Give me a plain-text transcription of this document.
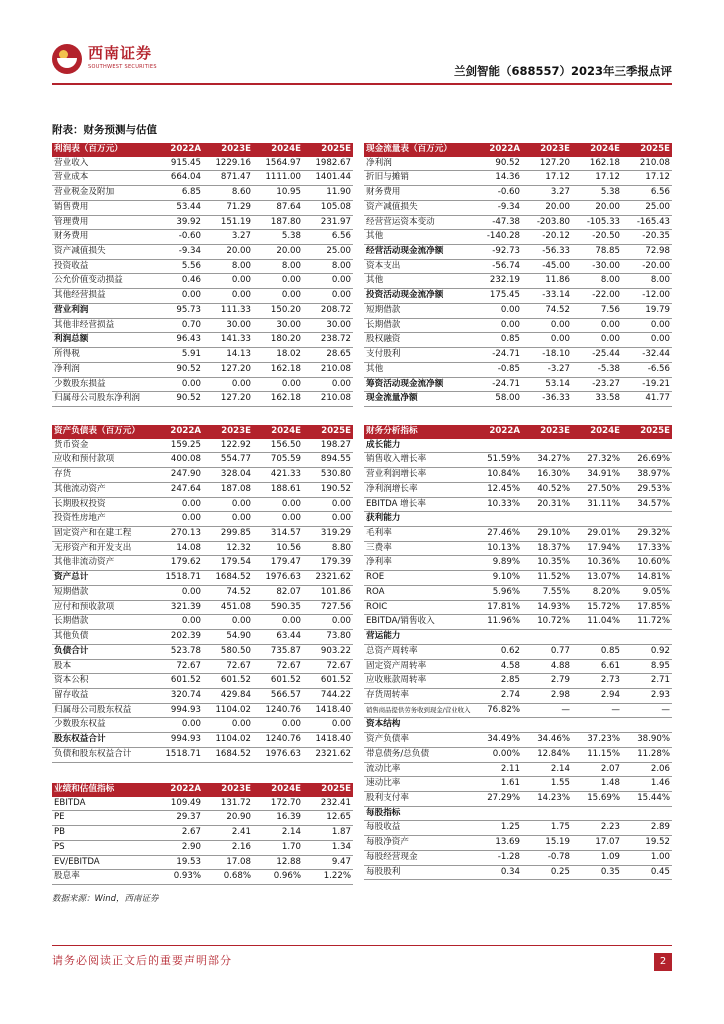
西南证券
SOUTHWEST SECURITIES	兰剑智能（688557）2023年三季报点评
附表：财务预测与估值
利润表（百万元）	2022A	2023E	2024E	2025E
营业收入	915.45	1229.16	1564.97	1982.67
营业成本	664.04	871.47	1111.00	1401.44
营业税金及附加	6.85	8.60	10.95	11.90
销售费用	53.44	71.29	87.64	105.08
管理费用	39.92	151.19	187.80	231.97
财务费用	-0.60	3.27	5.38	6.56
资产减值损失	-9.34	20.00	20.00	25.00
投资收益	5.56	8.00	8.00	8.00
公允价值变动损益	0.46	0.00	0.00	0.00
其他经营损益	0.00	0.00	0.00	0.00
营业利润	95.73	111.33	150.20	208.72
其他非经营损益	0.70	30.00	30.00	30.00
利润总额	96.43	141.33	180.20	238.72
所得税	5.91	14.13	18.02	28.65
净利润	90.52	127.20	162.18	210.08
少数股东损益	0.00	0.00	0.00	0.00
归属母公司股东净利润	90.52	127.20	162.18	210.08
现金流量表（百万元）	2022A	2023E	2024E	2025E
净利润	90.52	127.20	162.18	210.08
折旧与摊销	14.36	17.12	17.12	17.12
财务费用	-0.60	3.27	5.38	6.56
资产减值损失	-9.34	20.00	20.00	25.00
经营营运资本变动	-47.38	-203.80	-105.33	-165.43
其他	-140.28	-20.12	-20.50	-20.35
经营活动现金流净额	-92.73	-56.33	78.85	72.98
资本支出	-56.74	-45.00	-30.00	-20.00
其他	232.19	11.86	8.00	8.00
投资活动现金流净额	175.45	-33.14	-22.00	-12.00
短期借款	0.00	74.52	7.56	19.79
长期借款	0.00	0.00	0.00	0.00
股权融资	0.85	0.00	0.00	0.00
支付股利	-24.71	-18.10	-25.44	-32.44
其他	-0.85	-3.27	-5.38	-6.56
筹资活动现金流净额	-24.71	53.14	-23.27	-19.21
现金流量净额	58.00	-36.33	33.58	41.77
资产负债表（百万元）	2022A	2023E	2024E	2025E
货币资金	159.25	122.92	156.50	198.27
应收和预付款项	400.08	554.77	705.59	894.55
存货	247.90	328.04	421.33	530.80
其他流动资产	247.64	187.08	188.61	190.52
长期股权投资	0.00	0.00	0.00	0.00
投资性房地产	0.00	0.00	0.00	0.00
固定资产和在建工程	270.13	299.85	314.57	319.29
无形资产和开发支出	14.08	12.32	10.56	8.80
其他非流动资产	179.62	179.54	179.47	179.39
资产总计	1518.71	1684.52	1976.63	2321.62
短期借款	0.00	74.52	82.07	101.86
应付和预收款项	321.39	451.08	590.35	727.56
长期借款	0.00	0.00	0.00	0.00
其他负债	202.39	54.90	63.44	73.80
负债合计	523.78	580.50	735.87	903.22
股本	72.67	72.67	72.67	72.67
资本公积	601.52	601.52	601.52	601.52
留存收益	320.74	429.84	566.57	744.22
归属母公司股东权益	994.93	1104.02	1240.76	1418.40
少数股东权益	0.00	0.00	0.00	0.00
股东权益合计	994.93	1104.02	1240.76	1418.40
负债和股东权益合计	1518.71	1684.52	1976.63	2321.62
财务分析指标	2022A	2023E	2024E	2025E
成长能力				
销售收入增长率	51.59%	34.27%	27.32%	26.69%
营业利润增长率	10.84%	16.30%	34.91%	38.97%
净利润增长率	12.45%	40.52%	27.50%	29.53%
EBITDA 增长率	10.33%	20.31%	31.11%	34.57%
获利能力				
毛利率	27.46%	29.10%	29.01%	29.32%
三费率	10.13%	18.37%	17.94%	17.33%
净利率	9.89%	10.35%	10.36%	10.60%
ROE	9.10%	11.52%	13.07%	14.81%
ROA	5.96%	7.55%	8.20%	9.05%
ROIC	17.81%	14.93%	15.72%	17.85%
EBITDA/销售收入	11.96%	10.72%	11.04%	11.72%
营运能力				
总资产周转率	0.62	0.77	0.85	0.92
固定资产周转率	4.58	4.88	6.61	8.95
应收账款周转率	2.85	2.79	2.73	2.71
存货周转率	2.74	2.98	2.94	2.93
销售商品提供劳务收到现金/营业收入	76.82%	—	—	—
资本结构				
资产负债率	34.49%	34.46%	37.23%	38.90%
带息债务/总负债	0.00%	12.84%	11.15%	11.28%
流动比率	2.11	2.14	2.07	2.06
速动比率	1.61	1.55	1.48	1.46
股利支付率	27.29%	14.23%	15.69%	15.44%
每股指标				
每股收益	1.25	1.75	2.23	2.89
每股净资产	13.69	15.19	17.07	19.52
每股经营现金	-1.28	-0.78	1.09	1.00
每股股利	0.34	0.25	0.35	0.45
业绩和估值指标	2022A	2023E	2024E	2025E
EBITDA	109.49	131.72	172.70	232.41
PE	29.37	20.90	16.39	12.65
PB	2.67	2.41	2.14	1.87
PS	2.90	2.16	1.70	1.34
EV/EBITDA	19.53	17.08	12.88	9.47
股息率	0.93%	0.68%	0.96%	1.22%
数据来源：Wind，西南证券
请务必阅读正文后的重要声明部分	2
